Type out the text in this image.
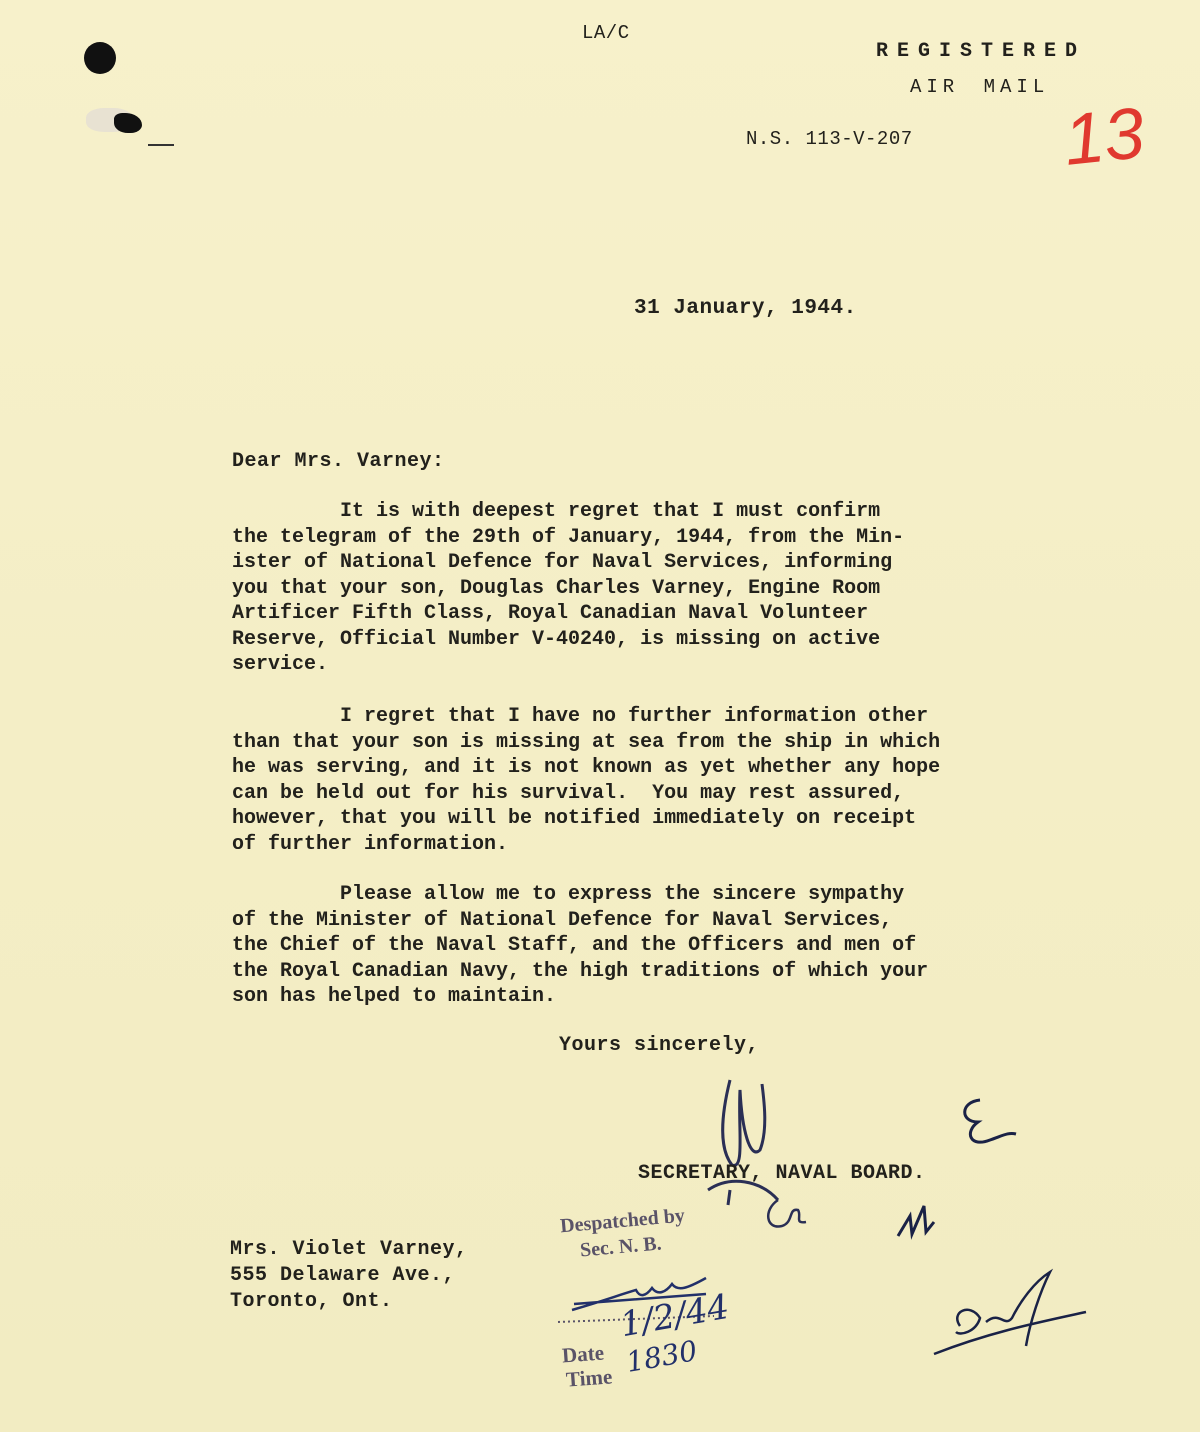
LA/C
REGISTERED
AIR MAIL
N.S. 113-V-207 13
31 January, 1944.
Dear Mrs. Varney:
It is with deepest regret that I must confirm
the telegram of the 29th of January, 1944, from the Min-
ister of National Defence for Naval Services, informing
you that your son, Douglas Charles Varney, Engine Room
Artificer Fifth Class, Royal Canadian Naval Volunteer
Reserve, Official Number V-40240, is missing on active
service.
I regret that I have no further information other
than that your son is missing at sea from the ship in which
he was serving, and it is not known as yet whether any hope
can be held out for his survival.  You may rest assured,
however, that you will be notified immediately on receipt
of further information.
Please allow me to express the sincere sympathy
of the Minister of National Defence for Naval Services,
the Chief of the Naval Staff, and the Officers and men of
the Royal Canadian Navy, the high traditions of which your
son has helped to maintain.
Yours sincerely,
SECRETARY, NAVAL BOARD.
Mrs. Violet Varney,
555 Delaware Ave.,
Toronto, Ont.
Despatched by
Sec. N. B.
Date
Time
1/2/44
1830
